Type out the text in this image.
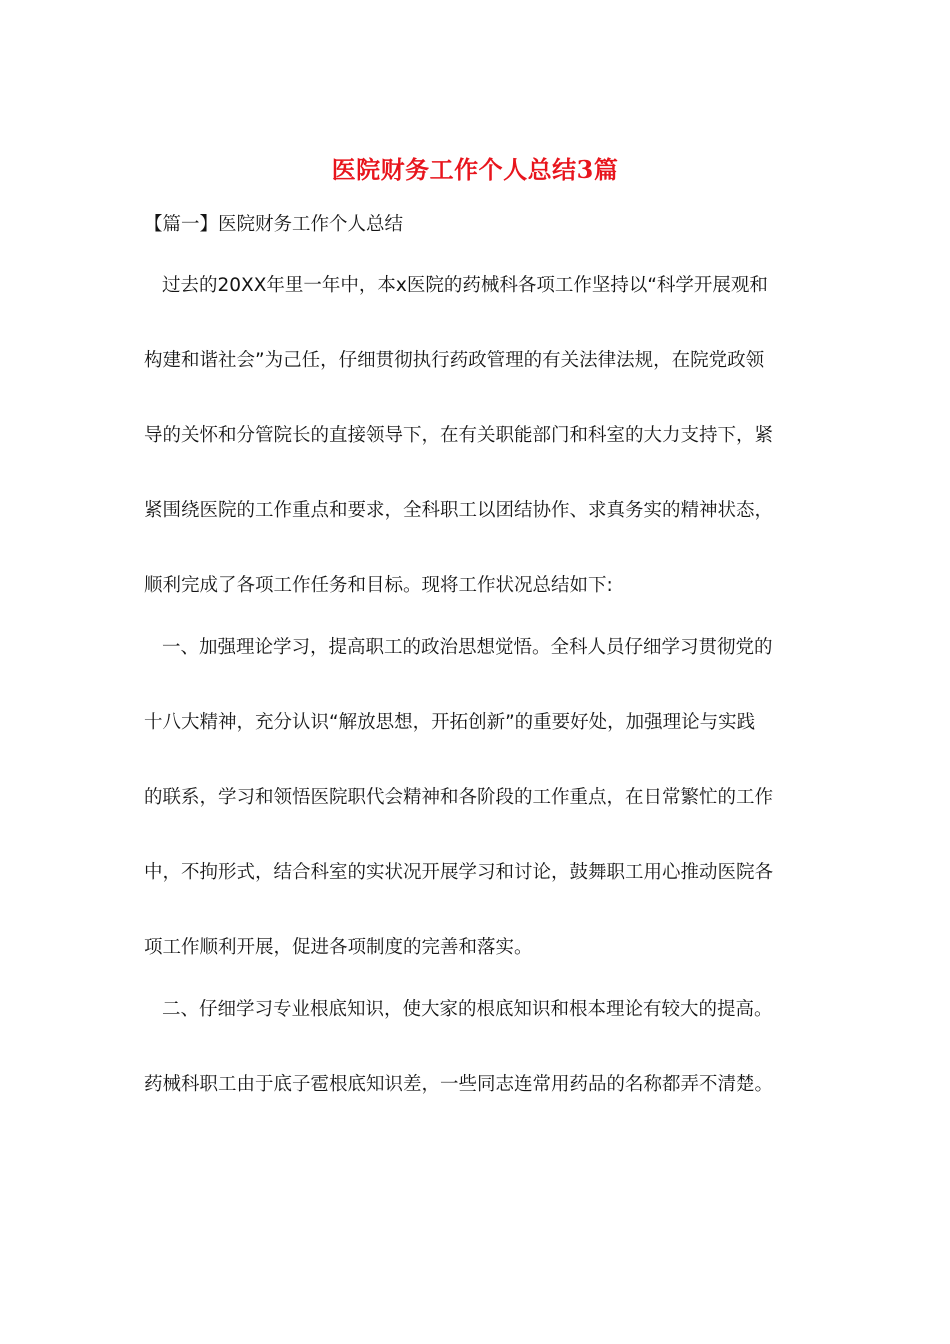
医院财务工作个人总结3篇
【篇一】医院财务工作个人总结
过去的20XX年里一年中，本x医院的药械科各项工作坚持以“科学开展观和
构建和谐社会”为己任，仔细贯彻执行药政管理的有关法律法规，在院党政领
导的关怀和分管院长的直接领导下，在有关职能部门和科室的大力支持下，紧
紧围绕医院的工作重点和要求，全科职工以团结协作、求真务实的精神状态，
顺利完成了各项工作任务和目标。现将工作状况总结如下:
一、加强理论学习，提高职工的政治思想觉悟。全科人员仔细学习贯彻党的
十八大精神，充分认识“解放思想，开拓创新”的重要好处，加强理论与实践
的联系，学习和领悟医院职代会精神和各阶段的工作重点，在日常繁忙的工作
中，不拘形式，结合科室的实状况开展学习和讨论，鼓舞职工用心推动医院各
项工作顺利开展，促进各项制度的完善和落实。
二、仔细学习专业根底知识，使大家的根底知识和根本理论有较大的提高。
药械科职工由于底子雹根底知识差，一些同志连常用药品的名称都弄不清楚。
